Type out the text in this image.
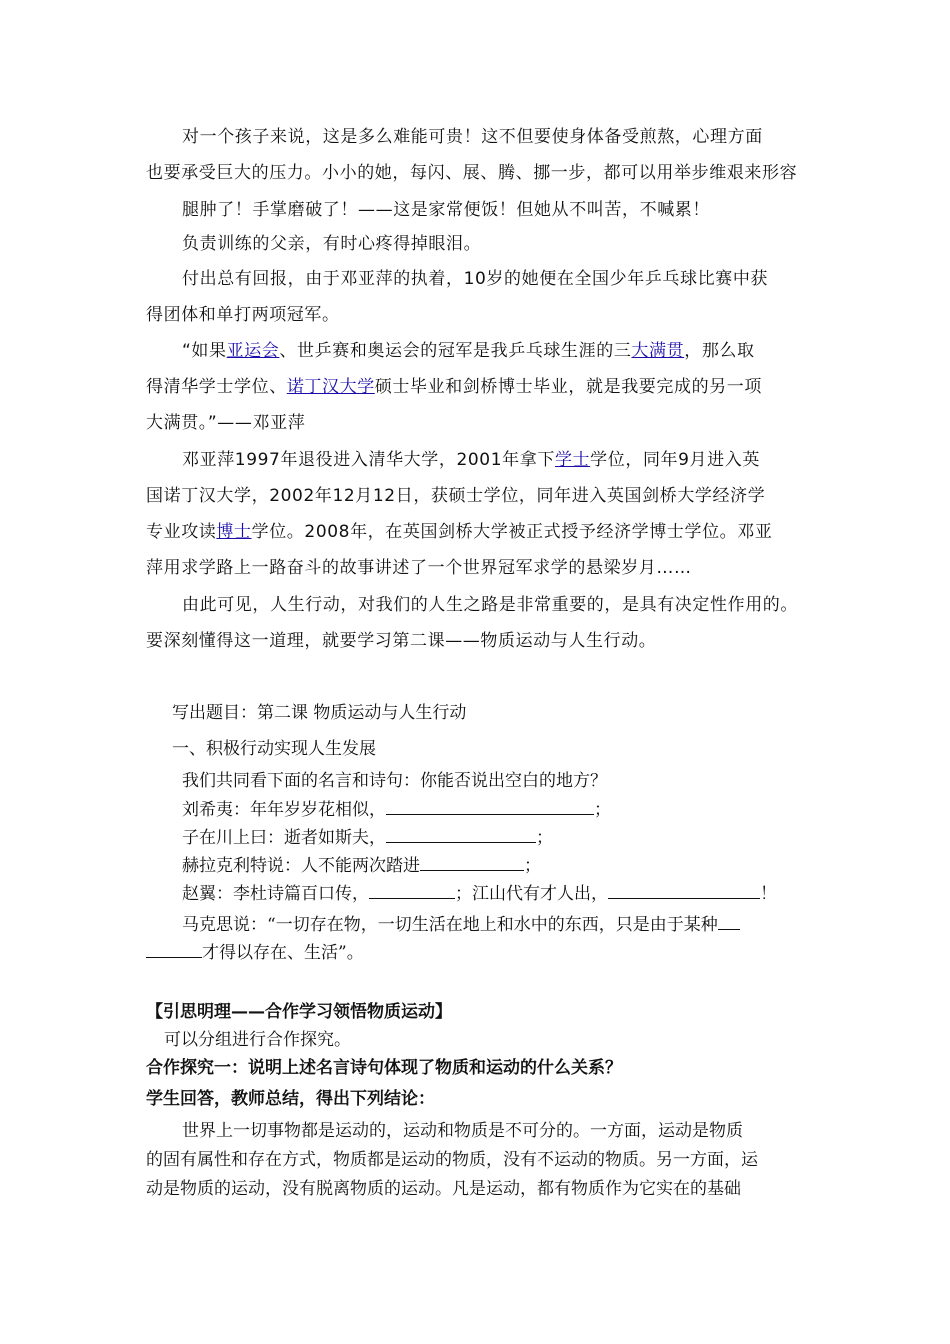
对一个孩子来说，这是多么难能可贵！这不但要使身体备受煎熬，心理方面
也要承受巨大的压力。小小的她，每闪、展、腾、挪一步，都可以用举步维艰来形容
腿肿了！手掌磨破了！——这是家常便饭！但她从不叫苦，不喊累！
负责训练的父亲，有时心疼得掉眼泪。
付出总有回报，由于邓亚萍的执着，10岁的她便在全国少年乒乓球比赛中获
得团体和单打两项冠军。
“如果亚运会、世乒赛和奥运会的冠军是我乒乓球生涯的三大满贯，那么取
得清华学士学位、诺丁汉大学硕士毕业和剑桥博士毕业，就是我要完成的另一项
大满贯。”——邓亚萍
邓亚萍1997年退役进入清华大学，2001年拿下学士学位，同年9月进入英
国诺丁汉大学，2002年12月12日，获硕士学位，同年进入英国剑桥大学经济学
专业攻读博士学位。2008年，在英国剑桥大学被正式授予经济学博士学位。邓亚
萍用求学路上一路奋斗的故事讲述了一个世界冠军求学的悬梁岁月……
由此可见，人生行动，对我们的人生之路是非常重要的，是具有决定性作用的。
要深刻懂得这一道理，就要学习第二课——物质运动与人生行动。
写出题目：第二课 物质运动与人生行动
一、积极行动实现人生发展
我们共同看下面的名言和诗句：你能否说出空白的地方？
刘希夷：年年岁岁花相似，	；
子在川上曰：逝者如斯夫，	；
赫拉克利特说：人不能两次踏进	；
赵翼：李杜诗篇百口传，	；江山代有才人出，	！
马克思说：“一切存在物，一切生活在地上和水中的东西，只是由于某种
才得以存在、生活”。
【引思明理——合作学习领悟物质运动】
可以分组进行合作探究。
合作探究一：说明上述名言诗句体现了物质和运动的什么关系？
学生回答，教师总结，得出下列结论：
世界上一切事物都是运动的，运动和物质是不可分的。一方面，运动是物质
的固有属性和存在方式，物质都是运动的物质，没有不运动的物质。另一方面，运
动是物质的运动，没有脱离物质的运动。凡是运动，都有物质作为它实在的基础
